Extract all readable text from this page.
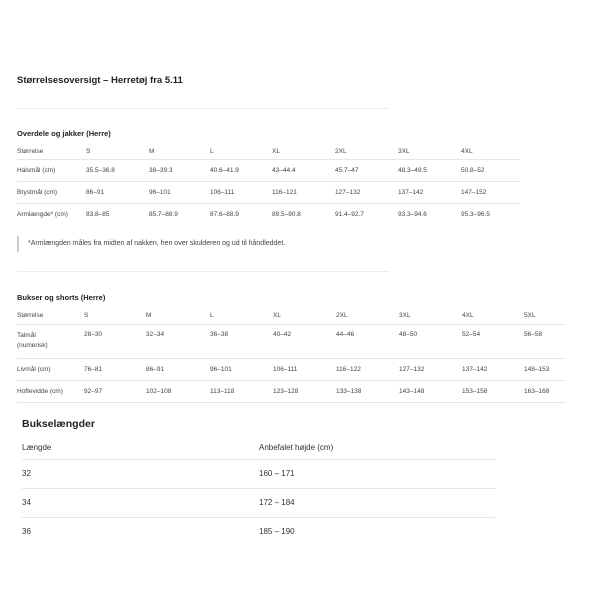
Størrelsesoversigt – Herretøj fra 5.11
Overdele og jakker (Herre)
Størrelse	S	M	L	XL	2XL	3XL	4XL
Halsmål (cm)	35.5–36.8	38–39.3	40.6–41.9	43–44.4	45.7–47	48.3–49.5	50.8–52
Brystmål (cm)	86–91	96–101	106–111	116–121	127–132	137–142	147–152
Armlængde* (cm)	83.8–85	85.7–88.9	87.6–88.9	89.5–90.8	91.4–92.7	93.3–94.6	95.3–96.5
*Armlængden måles fra midten af nakken, hen over skulderen og ud til håndleddet.
Bukser og shorts (Herre)
Størrelse	S	M	L	XL	2XL	3XL	4XL	5XL
Talmål (numerisk)	28–30	32–34	36–38	40–42	44–46	48–50	52–54	56–58
Livmål (cm)	76–81	86–91	96–101	106–111	116–122	127–132	137–142	148–153
Hoftevidde (cm)	92–97	102–108	113–118	123–128	133–138	143–148	153–158	163–168
Bukselængder
Længde	Anbefalet højde (cm)
32	160 – 171
34	172 – 184
36	185 – 190
